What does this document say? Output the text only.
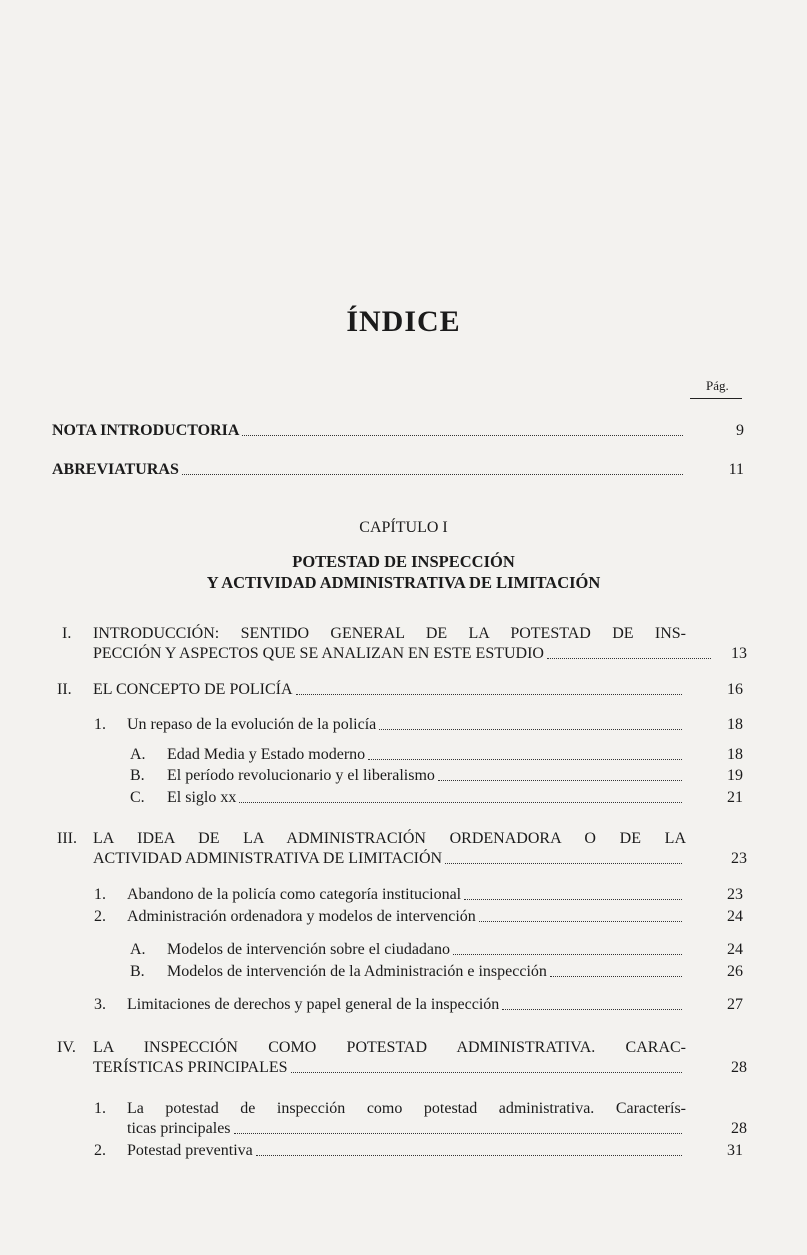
ÍNDICE
Pág.
NOTA INTRODUCTORIA	9
ABREVIATURAS	11
CAPÍTULO I
POTESTAD DE INSPECCIÓN
Y ACTIVIDAD ADMINISTRATIVA DE LIMITACIÓN
I. INTRODUCCIÓN: SENTIDO GENERAL DE LA POTESTAD DE INS-
PECCIÓN Y ASPECTOS QUE SE ANALIZAN EN ESTE ESTUDIO	13
II. EL CONCEPTO DE POLICÍA	16
1. Un repaso de la evolución de la policía	18
A. Edad Media y Estado moderno	18
B. El período revolucionario y el liberalismo	19
C. El siglo xx	21
III. LA IDEA DE LA ADMINISTRACIÓN ORDENADORA O DE LA
ACTIVIDAD ADMINISTRATIVA DE LIMITACIÓN	23
1. Abandono de la policía como categoría institucional	23
2. Administración ordenadora y modelos de intervención	24
A. Modelos de intervención sobre el ciudadano	24
B. Modelos de intervención de la Administración e inspección	26
3. Limitaciones de derechos y papel general de la inspección	27
IV. LA INSPECCIÓN COMO POTESTAD ADMINISTRATIVA. CARAC-
TERÍSTICAS PRINCIPALES	28
1. La potestad de inspección como potestad administrativa. Caracterís-
ticas principales	28
2. Potestad preventiva	31
